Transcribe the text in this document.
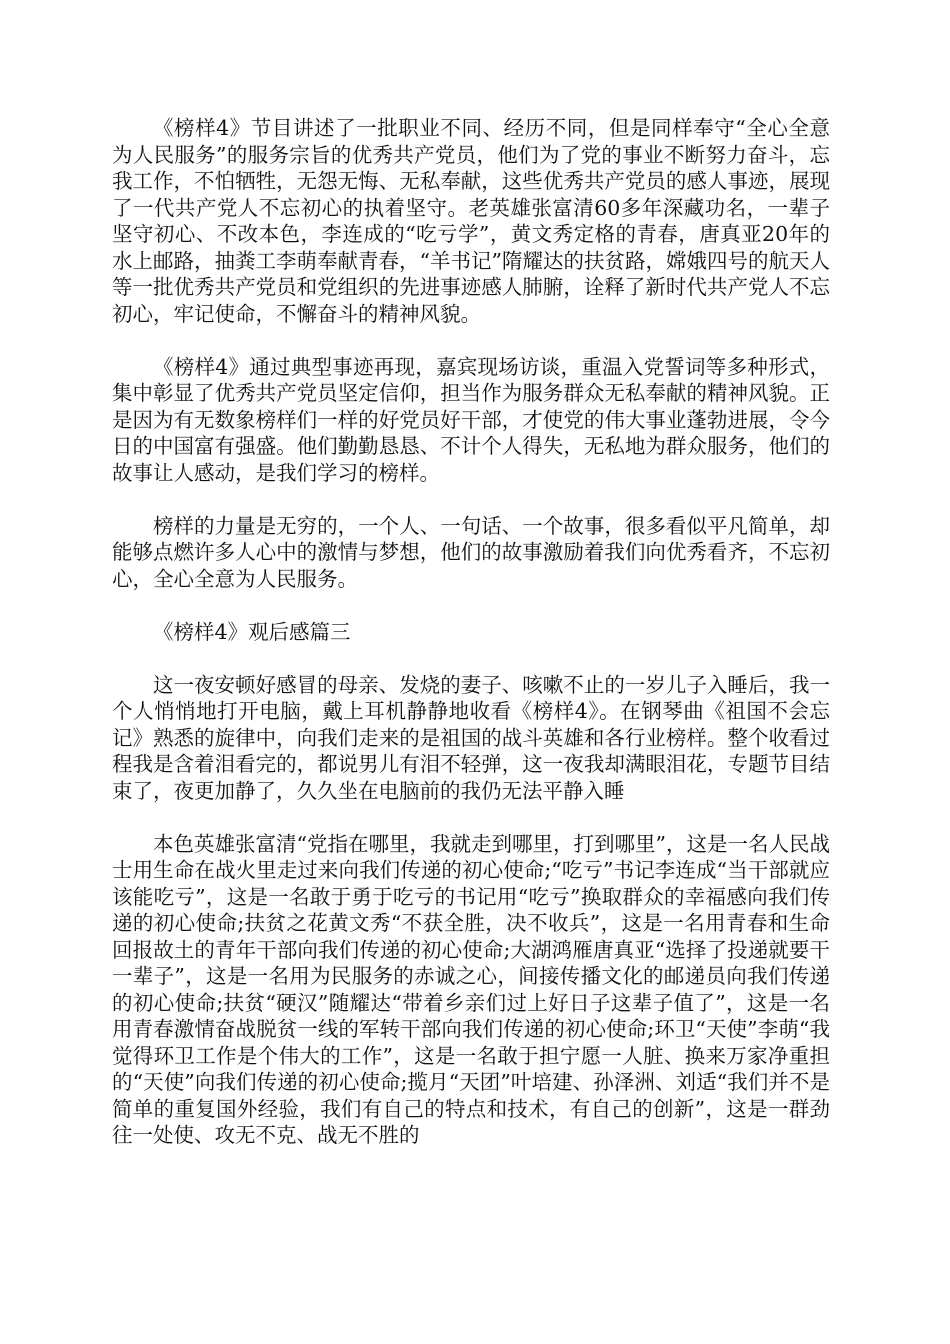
《榜样4》节目讲述了一批职业不同、经历不同，但是同样奉守“全心全意为人民服务”的服务宗旨的优秀共产党员，他们为了党的事业不断努力奋斗，忘我工作，不怕牺牲，无怨无悔、无私奉献，这些优秀共产党员的感人事迹，展现了一代共产党人不忘初心的执着坚守。老英雄张富清60多年深藏功名，一辈子坚守初心、不改本色，李连成的“吃亏学”，黄文秀定格的青春，唐真亚20年的水上邮路，抽粪工李萌奉献青春，“羊书记”隋耀达的扶贫路，嫦娥四号的航天人等一批优秀共产党员和党组织的先进事迹感人肺腑，诠释了新时代共产党人不忘初心，牢记使命，不懈奋斗的精神风貌。

《榜样4》通过典型事迹再现，嘉宾现场访谈，重温入党誓词等多种形式，集中彰显了优秀共产党员坚定信仰，担当作为服务群众无私奉献的精神风貌。正是因为有无数象榜样们一样的好党员好干部，才使党的伟大事业蓬勃进展，令今日的中国富有强盛。他们勤勤恳恳、不计个人得失，无私地为群众服务，他们的故事让人感动，是我们学习的榜样。

榜样的力量是无穷的，一个人、一句话、一个故事，很多看似平凡简单，却能够点燃许多人心中的激情与梦想，他们的故事激励着我们向优秀看齐，不忘初心，全心全意为人民服务。

《榜样4》观后感篇三

这一夜安顿好感冒的母亲、发烧的妻子、咳嗽不止的一岁儿子入睡后，我一个人悄悄地打开电脑，戴上耳机静静地收看《榜样4》。在钢琴曲《祖国不会忘记》熟悉的旋律中，向我们走来的是祖国的战斗英雄和各行业榜样。整个收看过程我是含着泪看完的，都说男儿有泪不轻弹，这一夜我却满眼泪花，专题节目结束了，夜更加静了，久久坐在电脑前的我仍无法平静入睡

本色英雄张富清“党指在哪里，我就走到哪里，打到哪里”，这是一名人民战士用生命在战火里走过来向我们传递的初心使命;“吃亏”书记李连成“当干部就应该能吃亏”，这是一名敢于勇于吃亏的书记用“吃亏”换取群众的幸福感向我们传递的初心使命;扶贫之花黄文秀“不获全胜，决不收兵”，这是一名用青春和生命回报故土的青年干部向我们传递的初心使命;大湖鸿雁唐真亚“选择了投递就要干一辈子”，这是一名用为民服务的赤诚之心，间接传播文化的邮递员向我们传递的初心使命;扶贫“硬汉”随耀达“带着乡亲们过上好日子这辈子值了”，这是一名用青春激情奋战脱贫一线的军转干部向我们传递的初心使命;环卫“天使”李萌“我觉得环卫工作是个伟大的工作”，这是一名敢于担宁愿一人脏、换来万家净重担的“天使”向我们传递的初心使命;揽月“天团”叶培建、孙泽洲、刘适“我们并不是简单的重复国外经验，我们有自己的特点和技术，有自己的创新”，这是一群劲往一处使、攻无不克、战无不胜的
